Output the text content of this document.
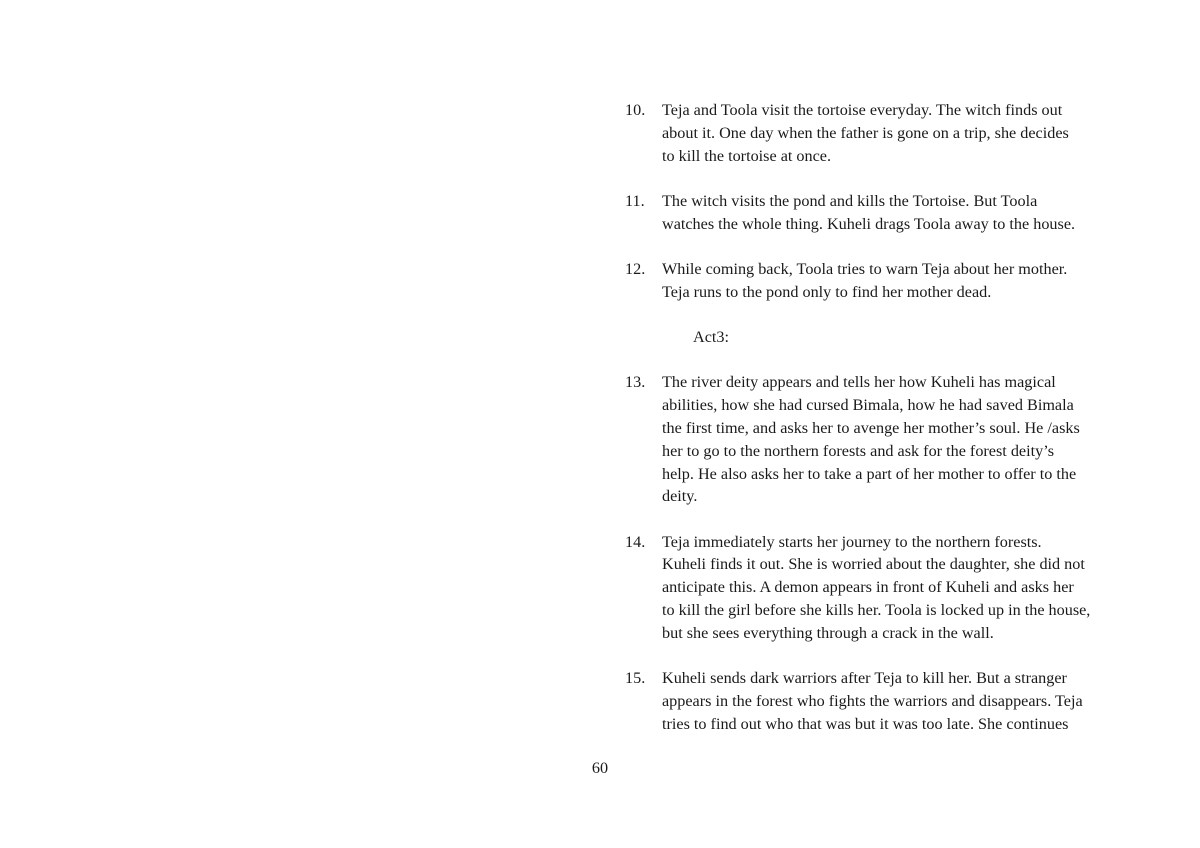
10. Teja and Toola visit the tortoise everyday. The witch finds out
about it. One day when the father is gone on a trip, she decides
to kill the tortoise at once.
11. The witch visits the pond and kills the Tortoise. But Toola
watches the whole thing. Kuheli drags Toola away to the house.
12. While coming back, Toola tries to warn Teja about her mother.
Teja runs to the pond only to find her mother dead.
Act3:
13. The river deity appears and tells her how Kuheli has magical
abilities, how she had cursed Bimala, how he had saved Bimala
the first time, and asks her to avenge her mother’s soul. He /asks
her to go to the northern forests and ask for the forest deity’s
help. He also asks her to take a part of her mother to offer to the
deity.
14. Teja immediately starts her journey to the northern forests.
Kuheli finds it out. She is worried about the daughter, she did not
anticipate this. A demon appears in front of Kuheli and asks her
to kill the girl before she kills her. Toola is locked up in the house,
but she sees everything through a crack in the wall.
15. Kuheli sends dark warriors after Teja to kill her. But a stranger
appears in the forest who fights the warriors and disappears. Teja
tries to find out who that was but it was too late. She continues
60
